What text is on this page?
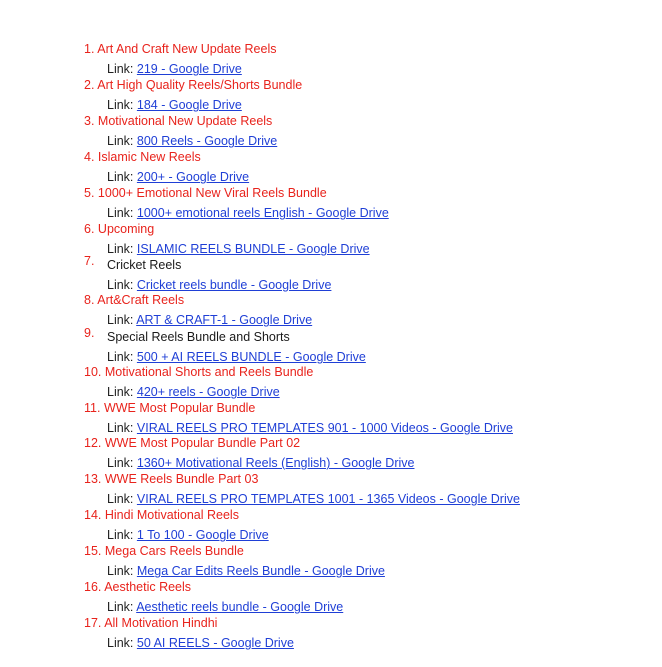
1. Art And Craft New Update Reels
Link: 219 - Google Drive
2. Art High Quality Reels/Shorts Bundle
Link: 184 - Google Drive
3. Motivational New Update Reels
Link: 800 Reels - Google Drive
4. Islamic New Reels
Link: 200+ - Google Drive
5. 1000+ Emotional New Viral Reels Bundle
Link: 1000+ emotional reels English - Google Drive
6. Upcoming
Link: ISLAMIC REELS BUNDLE - Google Drive
7. Cricket Reels
Link: Cricket reels bundle - Google Drive
8. Art&Craft Reels
Link: ART & CRAFT-1 - Google Drive
9. Special Reels Bundle and Shorts
Link: 500 + AI REELS BUNDLE - Google Drive
10. Motivational Shorts and Reels Bundle
Link: 420+ reels - Google Drive
11. WWE Most Popular Bundle
Link: VIRAL REELS PRO TEMPLATES 901 - 1000 Videos - Google Drive
12. WWE Most Popular Bundle Part 02
Link: 1360+ Motivational Reels (English) - Google Drive
13. WWE Reels Bundle Part 03
Link: VIRAL REELS PRO TEMPLATES 1001 - 1365 Videos - Google Drive
14. Hindi Motivational Reels
Link: 1 To 100 - Google Drive
15. Mega Cars Reels Bundle
Link: Mega Car Edits Reels Bundle - Google Drive
16. Aesthetic Reels
Link: Aesthetic reels bundle - Google Drive
17. All Motivation Hindhi
Link: 50 AI REELS - Google Drive
